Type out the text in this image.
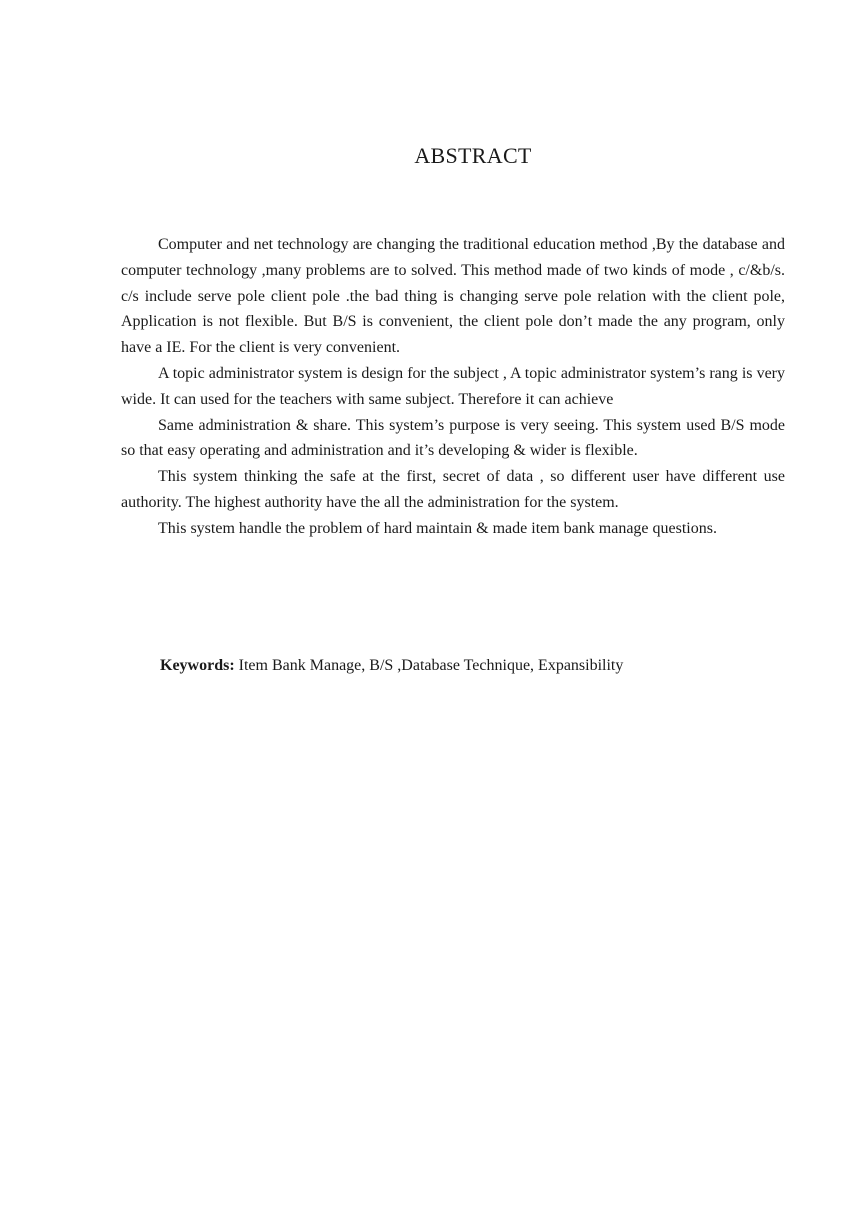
ABSTRACT

Computer and net technology are changing the traditional education method ,By the database and computer technology ,many problems are to solved. This method made of two kinds of mode , c/&b/s. c/s include serve pole client pole .the bad thing is changing serve pole relation with the client pole, Application is not flexible. But B/S is convenient, the client pole don’t made the any program, only have a IE. For the client is very convenient.

A topic administrator system is design for the subject , A topic administrator system’s rang is very wide. It can used for the teachers with same subject. Therefore it can achieve

Same administration & share. This system’s purpose is very seeing. This system used B/S mode so that easy operating and administration and it’s developing & wider is flexible.

This system thinking the safe at the first, secret of data , so different user have different use authority. The highest authority have the all the administration for the system.

This system handle the problem of hard maintain & made item bank manage questions.

Keywords: Item Bank Manage, B/S ,Database Technique, Expansibility
